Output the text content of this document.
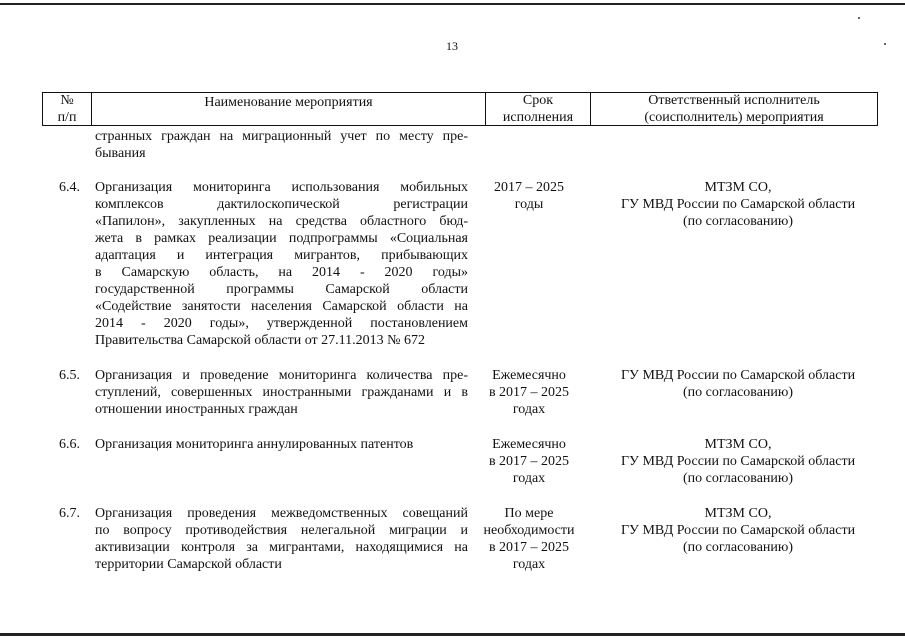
13
№
п/п
Наименование мероприятия	Срок
исполнения
Ответственный исполнитель
(соисполнитель) мероприятия
странных граждан на миграционный учет по месту пре-
бывания
6.4. Организация мониторинга использования мобильных
комплексов дактилоскопической регистрации
«Папилон», закупленных на средства областного бюд-
жета в рамках реализации подпрограммы «Социальная
адаптация и интеграция мигрантов, прибывающих
в Самарскую область, на 2014 - 2020 годы»
государственной программы Самарской области
«Содействие занятости населения Самарской области на
2014 - 2020 годы», утвержденной постановлением
Правительства Самарской области от 27.11.2013 № 672
2017 – 2025
годы
МТЗМ СО,
ГУ МВД России по Самарской области
(по согласованию)
6.5. Организация и проведение мониторинга количества пре-
ступлений, совершенных иностранными гражданами и в
отношении иностранных граждан
Ежемесячно
в 2017 – 2025
годах
ГУ МВД России по Самарской области
(по согласованию)
6.6. Организация мониторинга аннулированных патентов	Ежемесячно
в 2017 – 2025
годах
МТЗМ СО,
ГУ МВД России по Самарской области
(по согласованию)
6.7. Организация проведения межведомственных совещаний
по вопросу противодействия нелегальной миграции и
активизации контроля за мигрантами, находящимися на
территории Самарской области
По мере
необходимости
в 2017 – 2025
годах
МТЗМ СО,
ГУ МВД России по Самарской области
(по согласованию)
